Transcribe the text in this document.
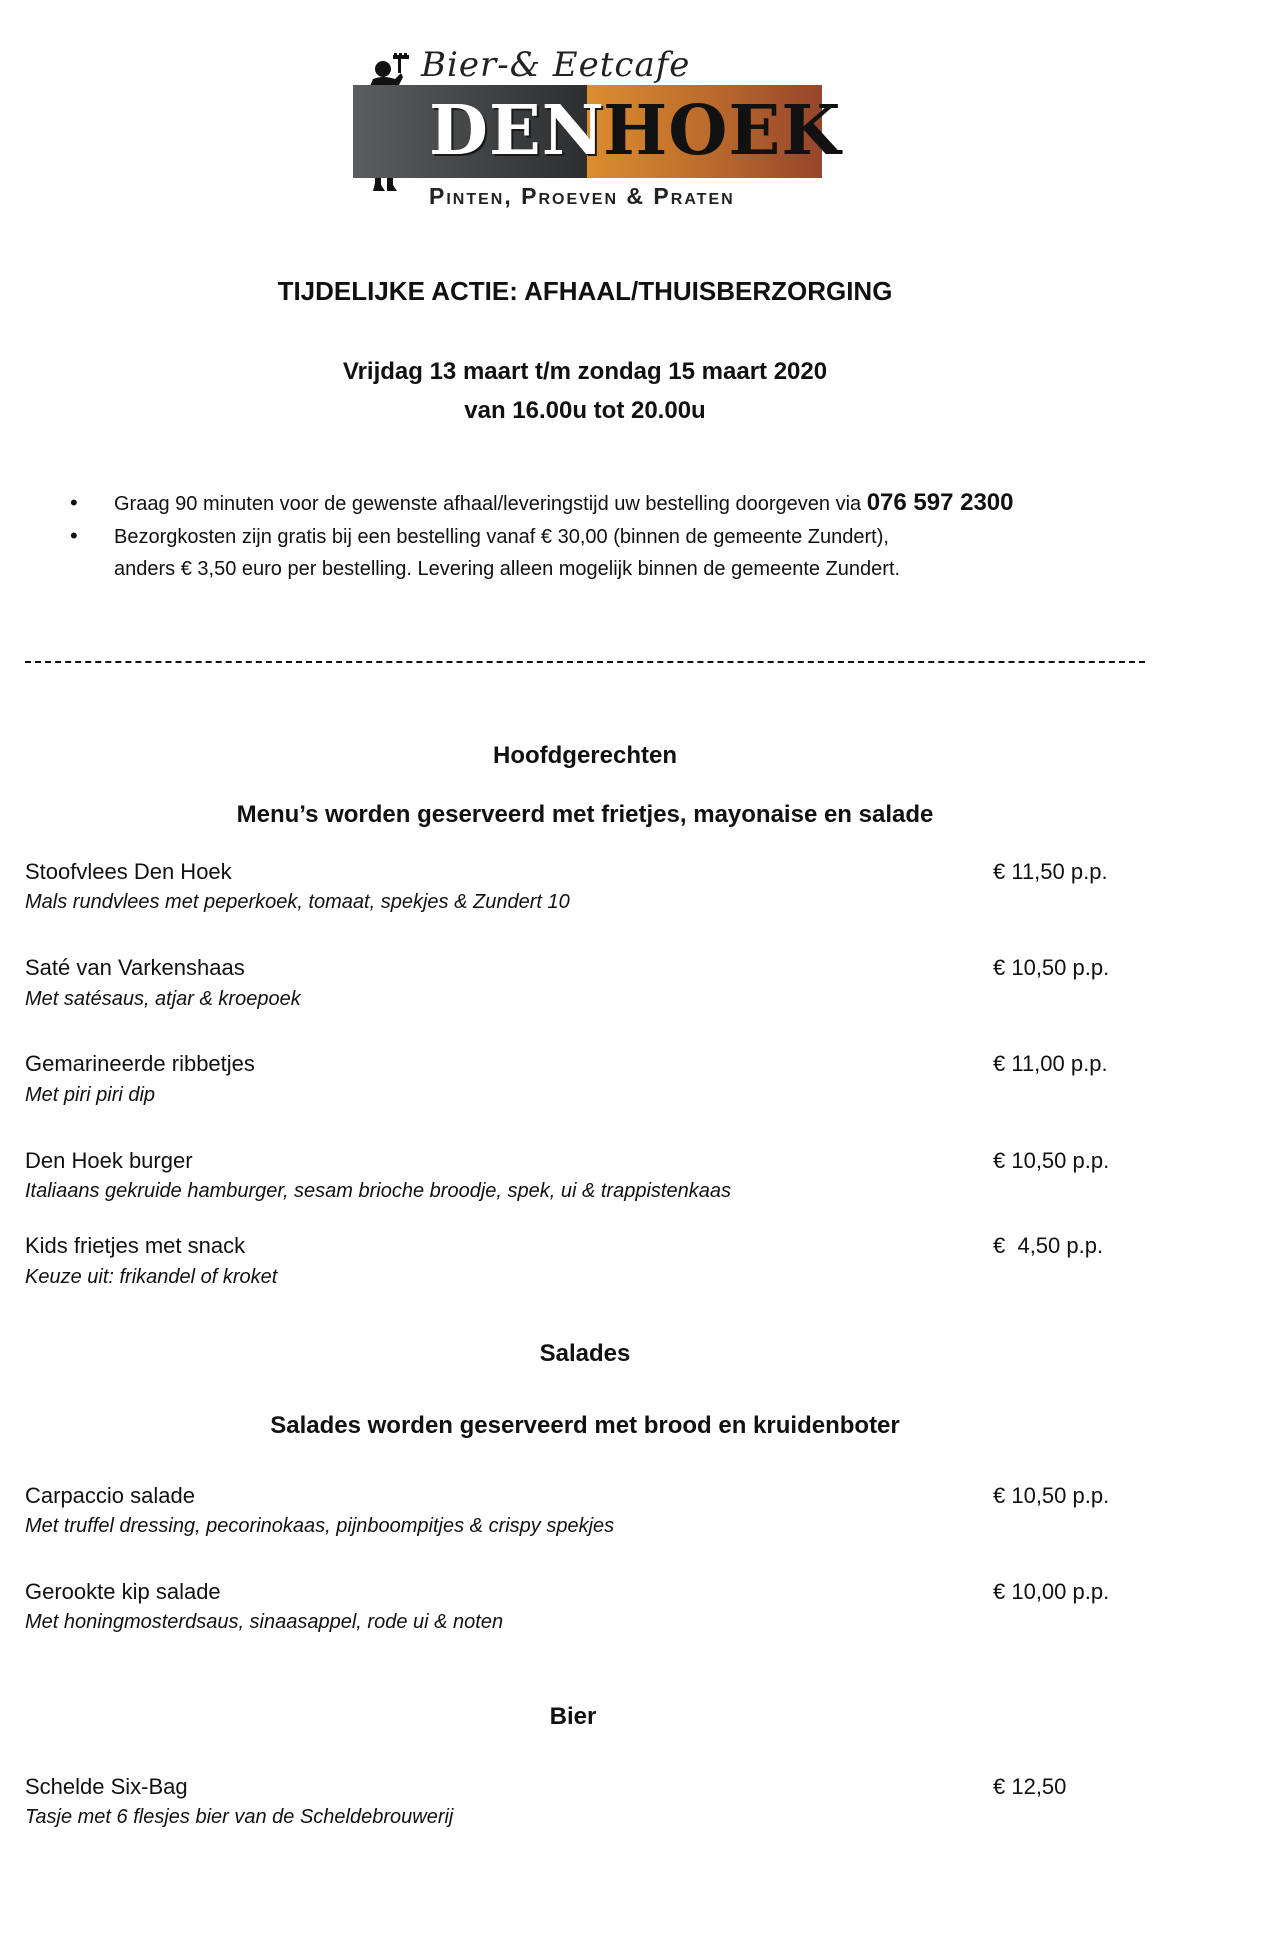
Bier-& Eetcafe
DEN
HOEK
Pinten, Proeven & Praten
TIJDELIJKE ACTIE: AFHAAL/THUISBERZORGING
Vrijdag 13 maart t/m zondag 15 maart 2020
van 16.00u tot 20.00u
•	Graag 90 minuten voor de gewenste afhaal/leveringstijd uw bestelling doorgeven via 076 597 2300
•	Bezorgkosten zijn gratis bij een bestelling vanaf € 30,00 (binnen de gemeente Zundert),
anders € 3,50 euro per bestelling. Levering alleen mogelijk binnen de gemeente Zundert.
Hoofdgerechten
Menu’s worden geserveerd met frietjes, mayonaise en salade
Stoofvlees Den Hoek
Mals rundvlees met peperkoek, tomaat, spekjes & Zundert 10
€ 11,50 p.p.
Saté van Varkenshaas
Met satésaus, atjar & kroepoek
€ 10,50 p.p.
Gemarineerde ribbetjes
Met piri piri dip
€ 11,00 p.p.
Den Hoek burger
Italiaans gekruide hamburger, sesam brioche broodje, spek, ui & trappistenkaas
€ 10,50 p.p.
Kids frietjes met snack
Keuze uit: frikandel of kroket
€  4,50 p.p.
Salades
Salades worden geserveerd met brood en kruidenboter
Carpaccio salade
Met truffel dressing, pecorinokaas, pijnboompitjes & crispy spekjes
€ 10,50 p.p.
Gerookte kip salade
Met honingmosterdsaus, sinaasappel, rode ui & noten
€ 10,00 p.p.
Bier
Schelde Six-Bag
Tasje met 6 flesjes bier van de Scheldebrouwerij
€ 12,50
